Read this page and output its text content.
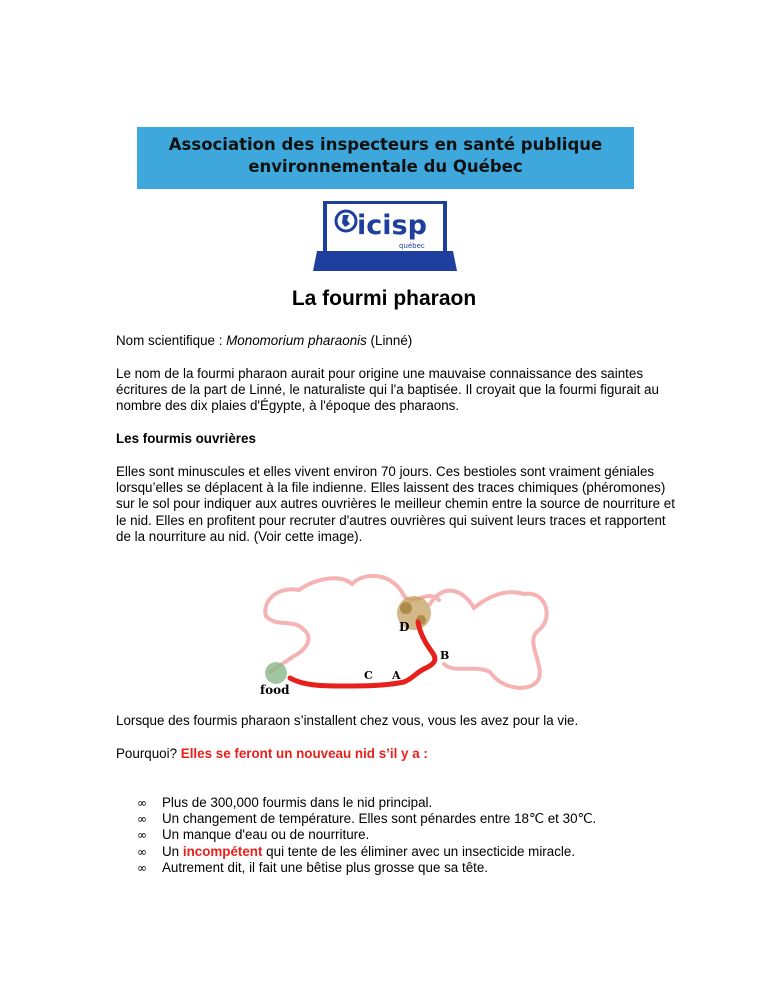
Association des inspecteurs en santé publique
environnementale du Québec
icisp
québec
La fourmi pharaon
Nom scientifique : Monomorium pharaonis (Linné)
Le nom de la fourmi pharaon aurait pour origine une mauvaise connaissance des saintes écritures de la part de Linné, le naturaliste qui l'a baptisée. Il croyait que la fourmi figurait au nombre des dix plaies d'Égypte, à l'époque des pharaons.
Les fourmis ouvrières
Elles sont minuscules et elles vivent environ 70 jours. Ces bestioles sont vraiment géniales lorsqu’elles se déplacent à la file indienne. Elles laissent des traces chimiques (phéromones) sur le sol pour indiquer aux autres ouvrières le meilleur chemin entre la source de nourriture et le nid. Elles en profitent pour recruter d'autres ouvrières qui suivent leurs traces et rapportent de la nourriture au nid. (Voir cette image).
D
B
C A
food
Lorsque des fourmis pharaon s’installent chez vous, vous les avez pour la vie.
Pourquoi? Elles se feront un nouveau nid s’il y a :
∞	Plus de 300,000 fourmis dans le nid principal.
∞	Un changement de température. Elles sont pénardes entre 18℃ et 30℃.
∞	Un manque d'eau ou de nourriture.
∞	Un incompétent qui tente de les éliminer avec un insecticide miracle.
∞	Autrement dit, il fait une bêtise plus grosse que sa tête.
